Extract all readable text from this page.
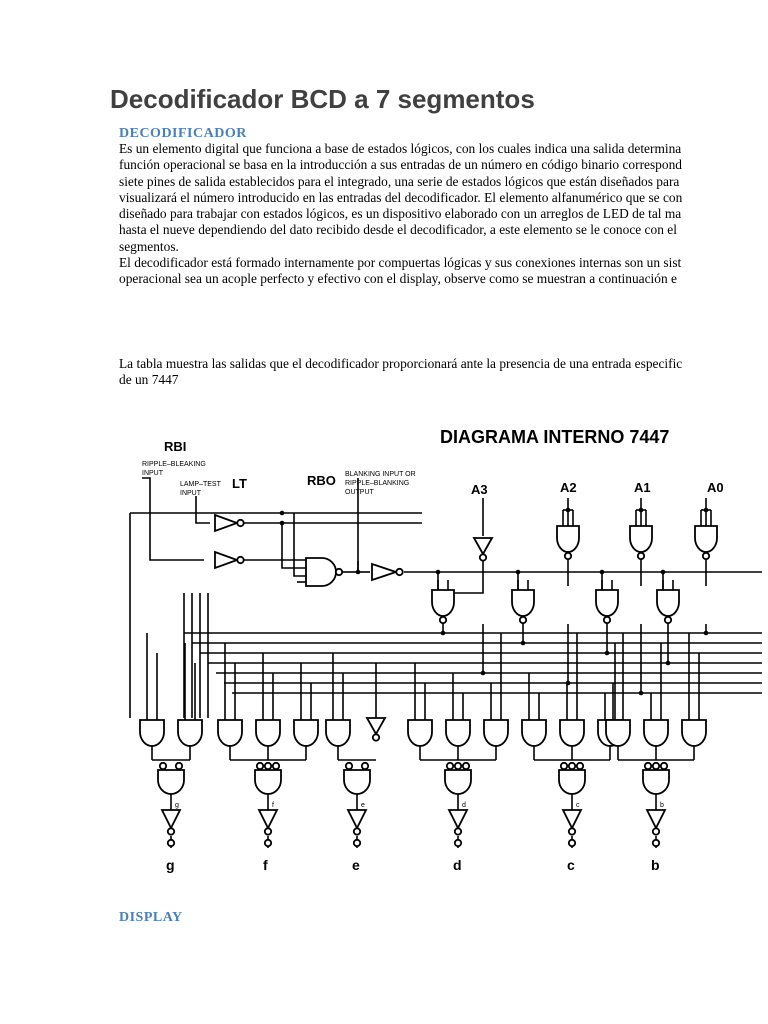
Decodificador BCD a 7 segmentos
DECODIFICADOR
Es un elemento digital que funciona a base de estados lógicos, con los cuales indica una salida determina
función operacional se basa en la introducción a sus entradas de un número en código binario correspond
siete pines de salida establecidos para el integrado, una serie de estados lógicos que están diseñados para
visualizará el número introducido en las entradas del decodificador. El elemento alfanumérico que se con
diseñado para trabajar con estados lógicos, es un dispositivo elaborado con un arreglos de LED de tal ma
hasta el nueve dependiendo del dato recibido desde el decodificador, a este elemento se le conoce con el
segmentos.
El decodificador está formado internamente por compuertas lógicas y sus conexiones internas son un sist
operacional sea un acople perfecto y efectivo con el display, observe como se muestran a continuación e
La tabla muestra las salidas que el decodificador proporcionará ante la presencia de una entrada especific
de un 7447
DIAGRAMA INTERNO 7447
RBI
RIPPLE–BLEAKING
INPUT
LAMP–TEST
INPUT
LT	RBO BLANKING INPUT OR
RIPPLE–BLANKING
OUTPUT	A3	A2	A1	A0
g
g
f
f
e
e
d
d
c
c
b
b
DISPLAY
